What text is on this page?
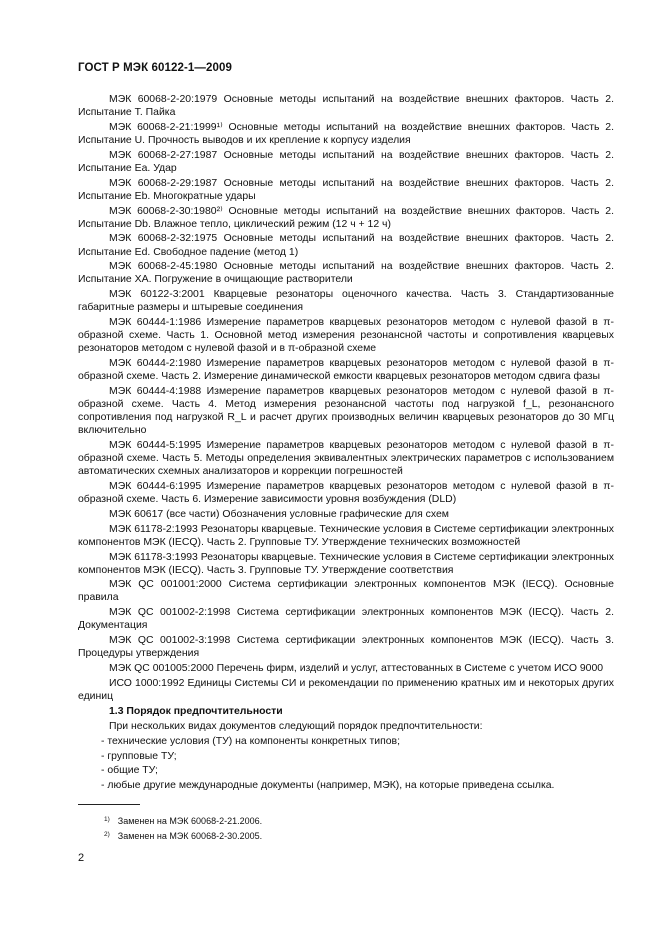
ГОСТ Р МЭК 60122-1—2009

МЭК 60068-2-20:1979 Основные методы испытаний на воздействие внешних факторов. Часть 2. Испытание Т. Пайка

МЭК 60068-2-21:1999¹⁾ Основные методы испытаний на воздействие внешних факторов. Часть 2. Испытание U. Прочность выводов и их крепление к корпусу изделия

МЭК 60068-2-27:1987 Основные методы испытаний на воздействие внешних факторов. Часть 2. Испытание Еа. Удар

МЭК 60068-2-29:1987 Основные методы испытаний на воздействие внешних факторов. Часть 2. Испытание Eb. Многократные удары

МЭК 60068-2-30:1980²⁾ Основные методы испытаний на воздействие внешних факторов. Часть 2. Испытание Db. Влажное тепло, циклический режим (12 ч + 12 ч)

МЭК 60068-2-32:1975 Основные методы испытаний на воздействие внешних факторов. Часть 2. Испытание Ed. Свободное падение (метод 1)

МЭК 60068-2-45:1980 Основные методы испытаний на воздействие внешних факторов. Часть 2. Испытание ХА. Погружение в очищающие растворители

МЭК 60122-3:2001 Кварцевые резонаторы оценочного качества. Часть 3. Стандартизованные габаритные размеры и штыревые соединения

МЭК 60444-1:1986 Измерение параметров кварцевых резонаторов методом с нулевой фазой в π-образной схеме. Часть 1. Основной метод измерения резонансной частоты и сопротивления кварцевых резонаторов методом с нулевой фазой и в π-образной схеме

МЭК 60444-2:1980 Измерение параметров кварцевых резонаторов методом с нулевой фазой в π-образной схеме. Часть 2. Измерение динамической емкости кварцевых резонаторов методом сдвига фазы

МЭК 60444-4:1988 Измерение параметров кварцевых резонаторов методом с нулевой фазой в π-образной схеме. Часть 4. Метод измерения резонансной частоты под нагрузкой f_L, резонансного сопротивления под нагрузкой R_L и расчет других производных величин кварцевых резонаторов до 30 МГц включительно

МЭК 60444-5:1995 Измерение параметров кварцевых резонаторов методом с нулевой фазой в π-образной схеме. Часть 5. Методы определения эквивалентных электрических параметров с использованием автоматических схемных анализаторов и коррекции погрешностей

МЭК 60444-6:1995 Измерение параметров кварцевых резонаторов методом с нулевой фазой в π-образной схеме. Часть 6. Измерение зависимости уровня возбуждения (DLD)

МЭК 60617 (все части) Обозначения условные графические для схем

МЭК 61178-2:1993 Резонаторы кварцевые. Технические условия в Системе сертификации электронных компонентов МЭК (IECQ). Часть 2. Групповые ТУ. Утверждение технических возможностей

МЭК 61178-3:1993 Резонаторы кварцевые. Технические условия в Системе сертификации электронных компонентов МЭК (IECQ). Часть 3. Групповые ТУ. Утверждение соответствия

МЭК QC 001001:2000 Система сертификации электронных компонентов МЭК (IECQ). Основные правила

МЭК QC 001002-2:1998 Система сертификации электронных компонентов МЭК (IECQ). Часть 2. Документация

МЭК QC 001002-3:1998 Система сертификации электронных компонентов МЭК (IECQ). Часть 3. Процедуры утверждения

МЭК QC 001005:2000 Перечень фирм, изделий и услуг, аттестованных в Системе с учетом ИСО 9000

ИСО 1000:1992 Единицы Системы СИ и рекомендации по применению кратных им и некоторых других единиц

1.3 Порядок предпочтительности

При нескольких видах документов следующий порядок предпочтительности:

- технические условия (ТУ) на компоненты конкретных типов;

- групповые ТУ;

- общие ТУ;

- любые другие международные документы (например, МЭК), на которые приведена ссылка.

$^{1)}$ Заменен на МЭК 60068-2-21.2006.
$^{2)}$ Заменен на МЭК 60068-2-30.2005.
2
